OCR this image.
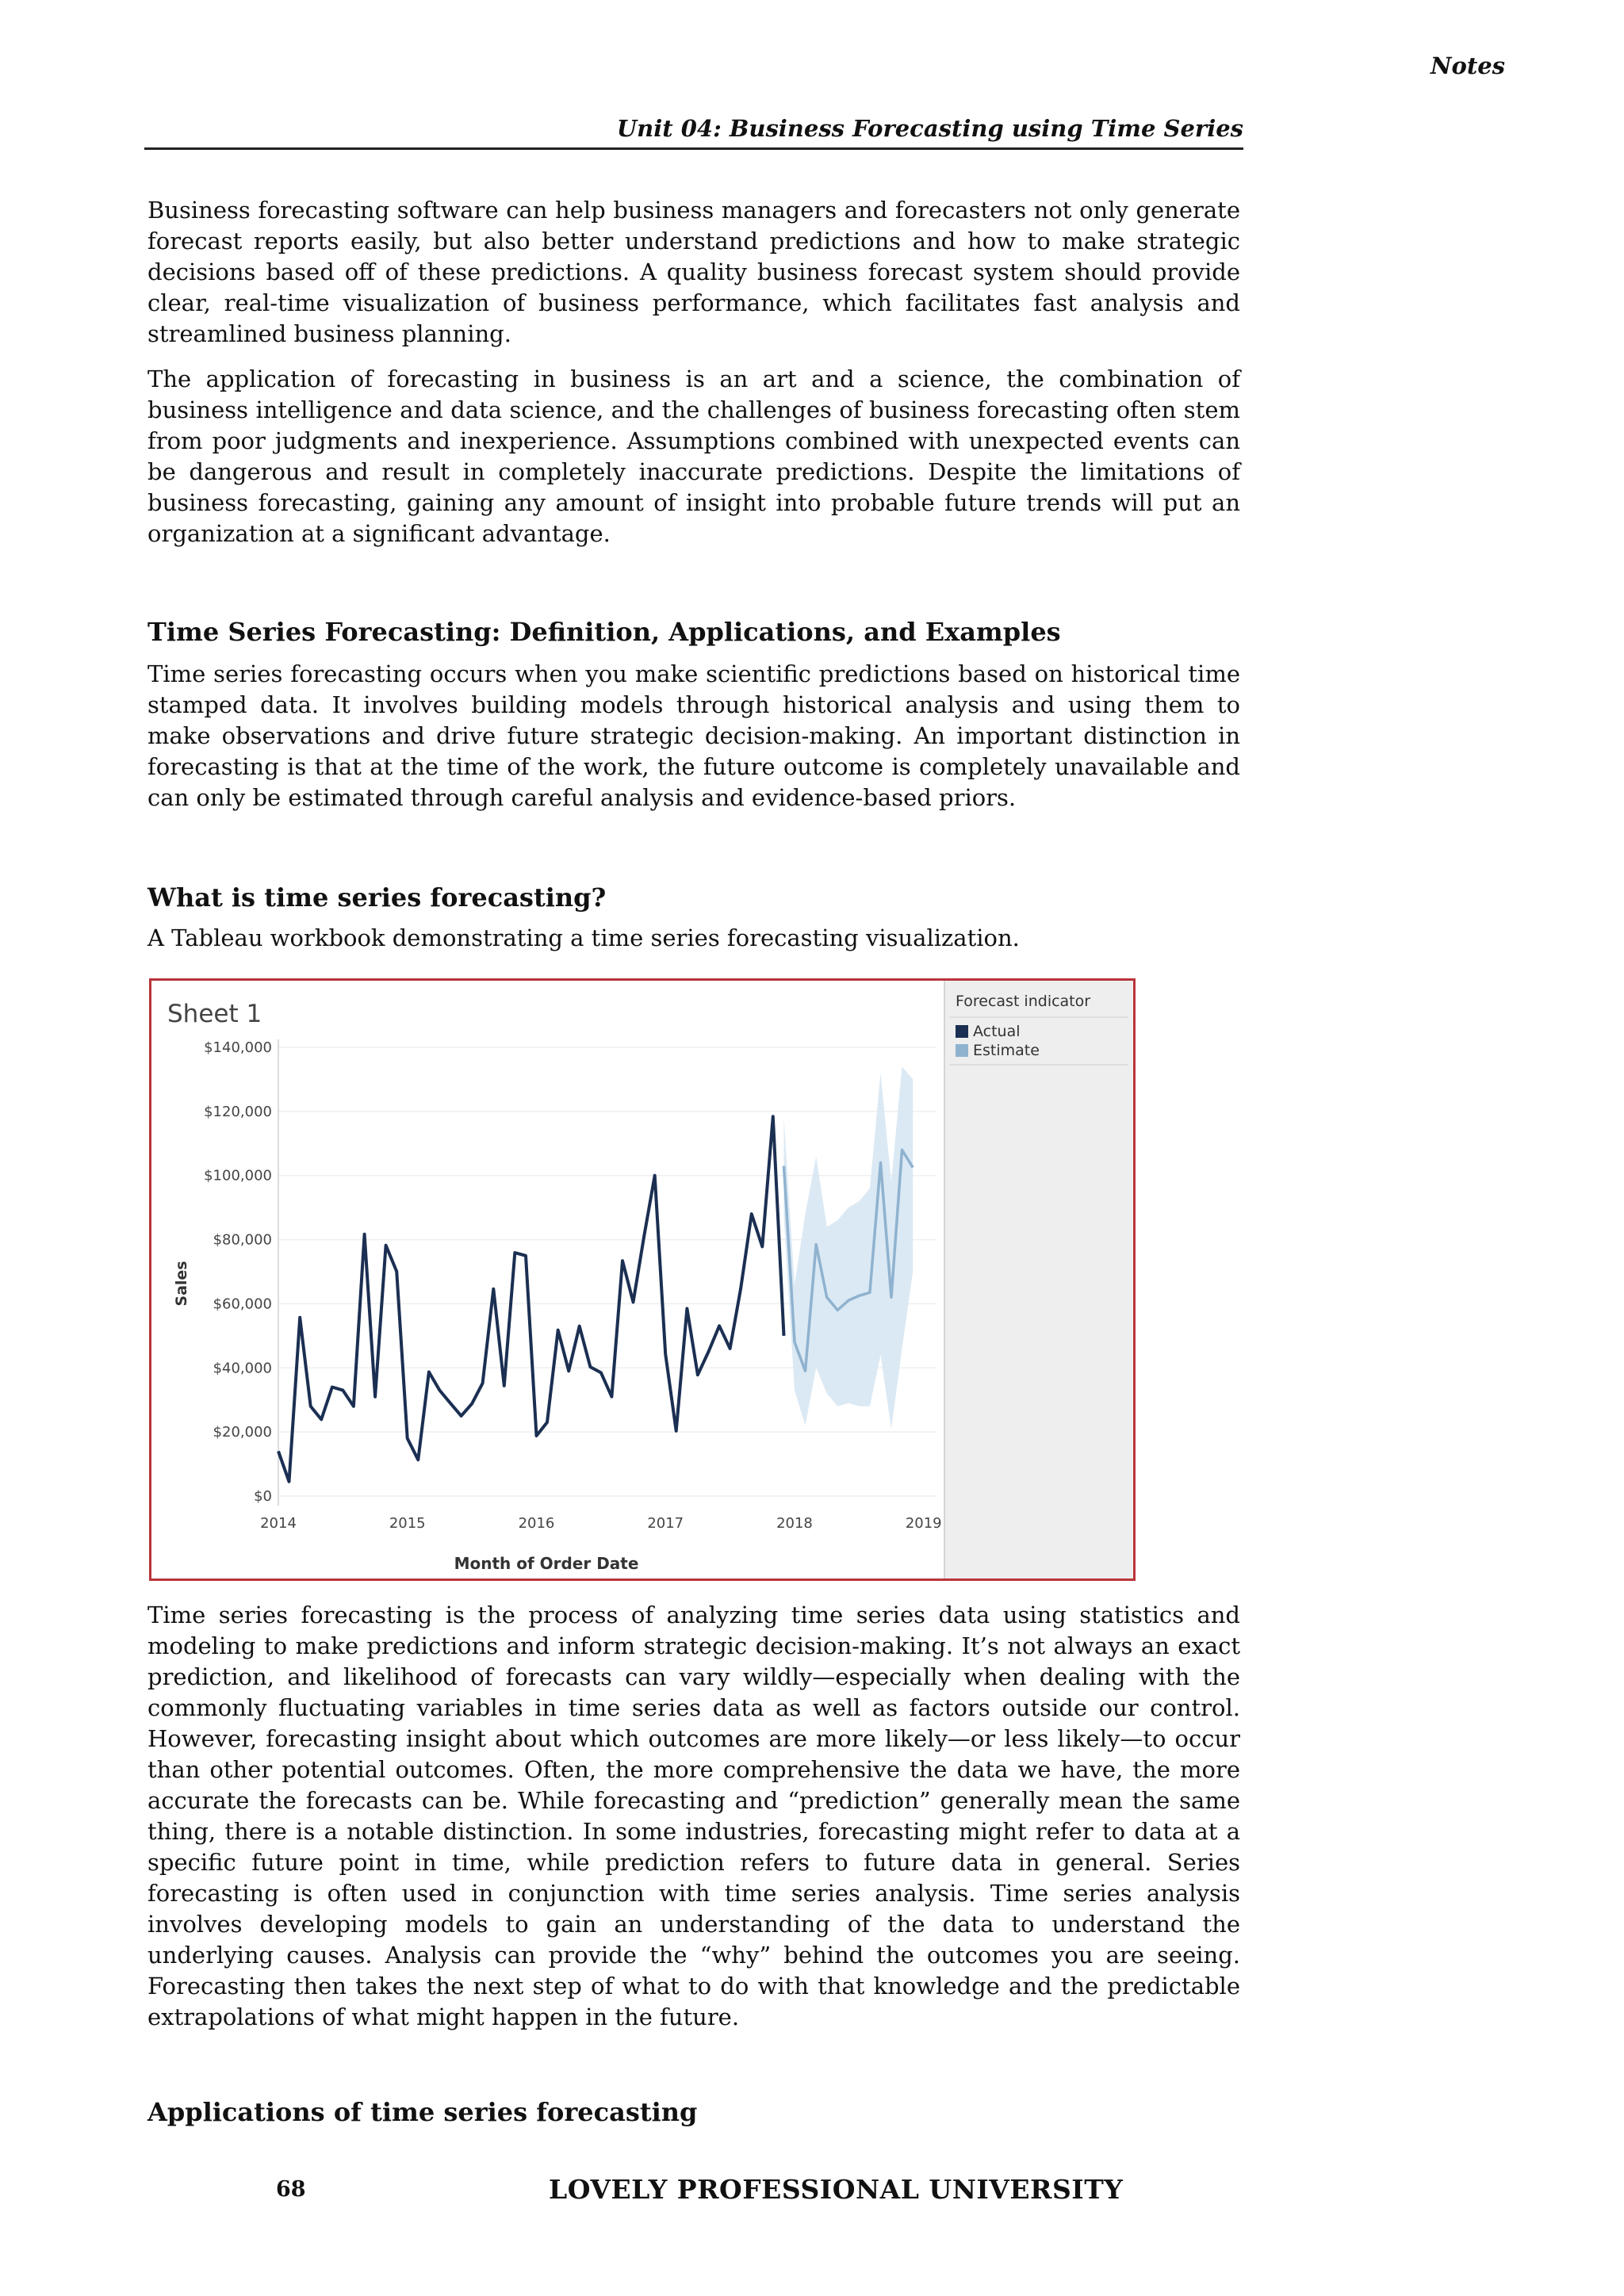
Notes
Unit 04: Business Forecasting using Time Series

Business forecasting software can help business managers and forecasters not only generate forecast reports easily, but also better understand predictions and how to make strategic decisions based off of these predictions. A quality business forecast system should provide clear, real-time visualization of business performance, which facilitates fast analysis and streamlined business planning.

The application of forecasting in business is an art and a science, the combination of business intelligence and data science, and the challenges of business forecasting often stem from poor judgments and inexperience. Assumptions combined with unexpected events can be dangerous and result in completely inaccurate predictions. Despite the limitations of business forecasting, gaining any amount of insight into probable future trends will put an organization at a significant advantage.

Time Series Forecasting: Definition, Applications, and Examples

Time series forecasting occurs when you make scientific predictions based on historical time stamped data. It involves building models through historical analysis and using them to make observations and drive future strategic decision-making. An important distinction in forecasting is that at the time of the work, the future outcome is completely unavailable and can only be estimated through careful analysis and evidence-based priors.

What is time series forecasting?

A Tableau workbook demonstrating a time series forecasting visualization.

Sheet 1	Forecast indicator
Actual
Estimate
Sales
Month of Order Date
$0
$20,000
$40,000
$60,000
$80,000
$100,000
$120,000
$140,000
2014	2015	2016	2017	2018	2019

Time series forecasting is the process of analyzing time series data using statistics and modeling to make predictions and inform strategic decision-making. It’s not always an exact prediction, and likelihood of forecasts can vary wildly—especially when dealing with the commonly fluctuating variables in time series data as well as factors outside our control. However, forecasting insight about which outcomes are more likely—or less likely—to occur than other potential outcomes. Often, the more comprehensive the data we have, the more accurate the forecasts can be. While forecasting and “prediction” generally mean the same thing, there is a notable distinction. In some industries, forecasting might refer to data at a specific future point in time, while prediction refers to future data in general. Series forecasting is often used in conjunction with time series analysis. Time series analysis involves developing models to gain an understanding of the data to understand the underlying causes. Analysis can provide the “why” behind the outcomes you are seeing. Forecasting then takes the next step of what to do with that knowledge and the predictable extrapolations of what might happen in the future.

Applications of time series forecasting
68	LOVELY PROFESSIONAL UNIVERSITY
